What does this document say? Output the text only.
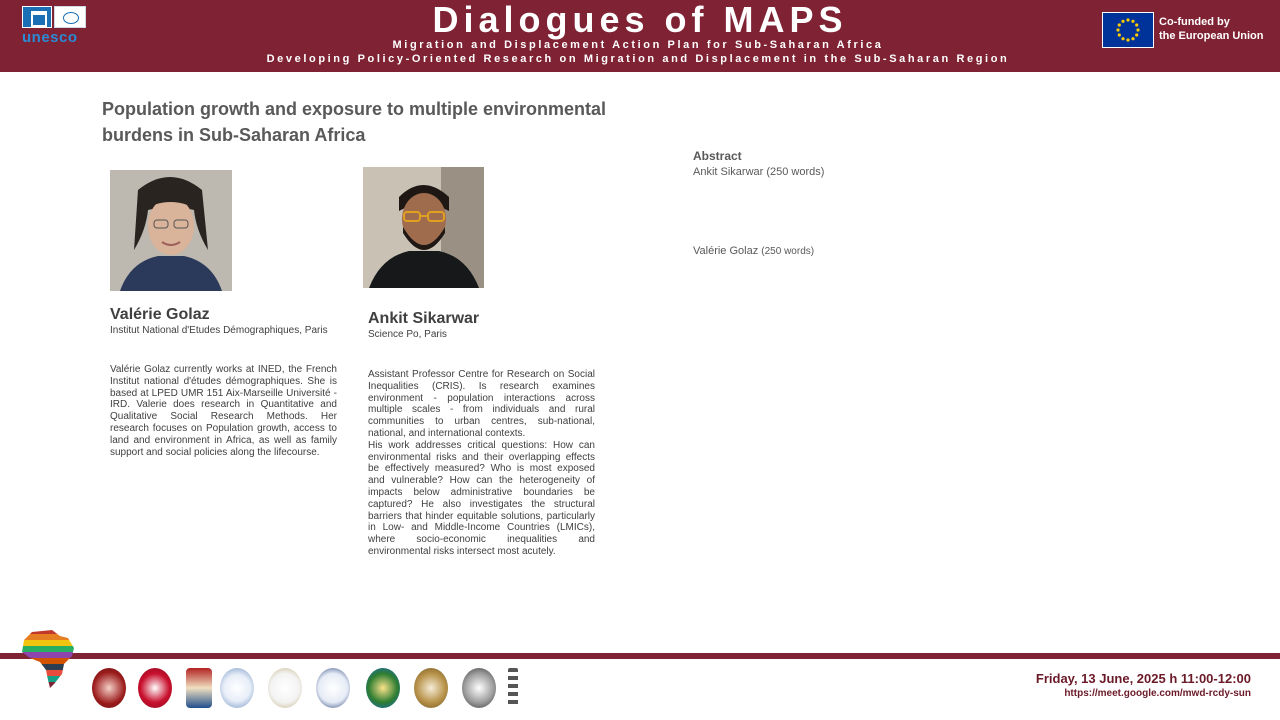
unesco	Dialogues of MAPS
Migration and Displacement Action Plan for Sub-Saharan Africa
Developing Policy-Oriented Research on Migration and Displacement in the Sub-Saharan Region
Co-funded by
the European Union
Population growth and exposure to multiple environmental burdens in Sub-Saharan Africa
Valérie Golaz
Institut National d'Etudes Démographiques, Paris
Valérie Golaz currently works at INED, the French Institut national d'études démographiques. She is based at LPED UMR 151 Aix-Marseille Université - IRD. Valerie does research in Quantitative and Qualitative Social Research Methods. Her research focuses on Population growth, access to land and environment in Africa, as well as family support and social policies along the lifecourse.
Ankit Sikarwar
Science Po, Paris

Assistant Professor Centre for Research on Social Inequalities (CRIS). Is research examines environment - population interactions across multiple scales - from individuals and rural communities to urban centres, sub-national, national, and international contexts.

His work addresses critical questions: How can environmental risks and their overlapping effects be effectively measured? Who is most exposed and vulnerable? How can the heterogeneity of impacts below administrative boundaries be captured? He also investigates the structural barriers that hinder equitable solutions, particularly in Low- and Middle-Income Countries (LMICs), where socio-economic inequalities and environmental risks intersect most acutely.

Abstract
Ankit Sikarwar (250 words)
Valérie Golaz (250 words)
Friday, 13 June, 2025 h 11:00-12:00
https://meet.google.com/mwd-rcdy-sun
